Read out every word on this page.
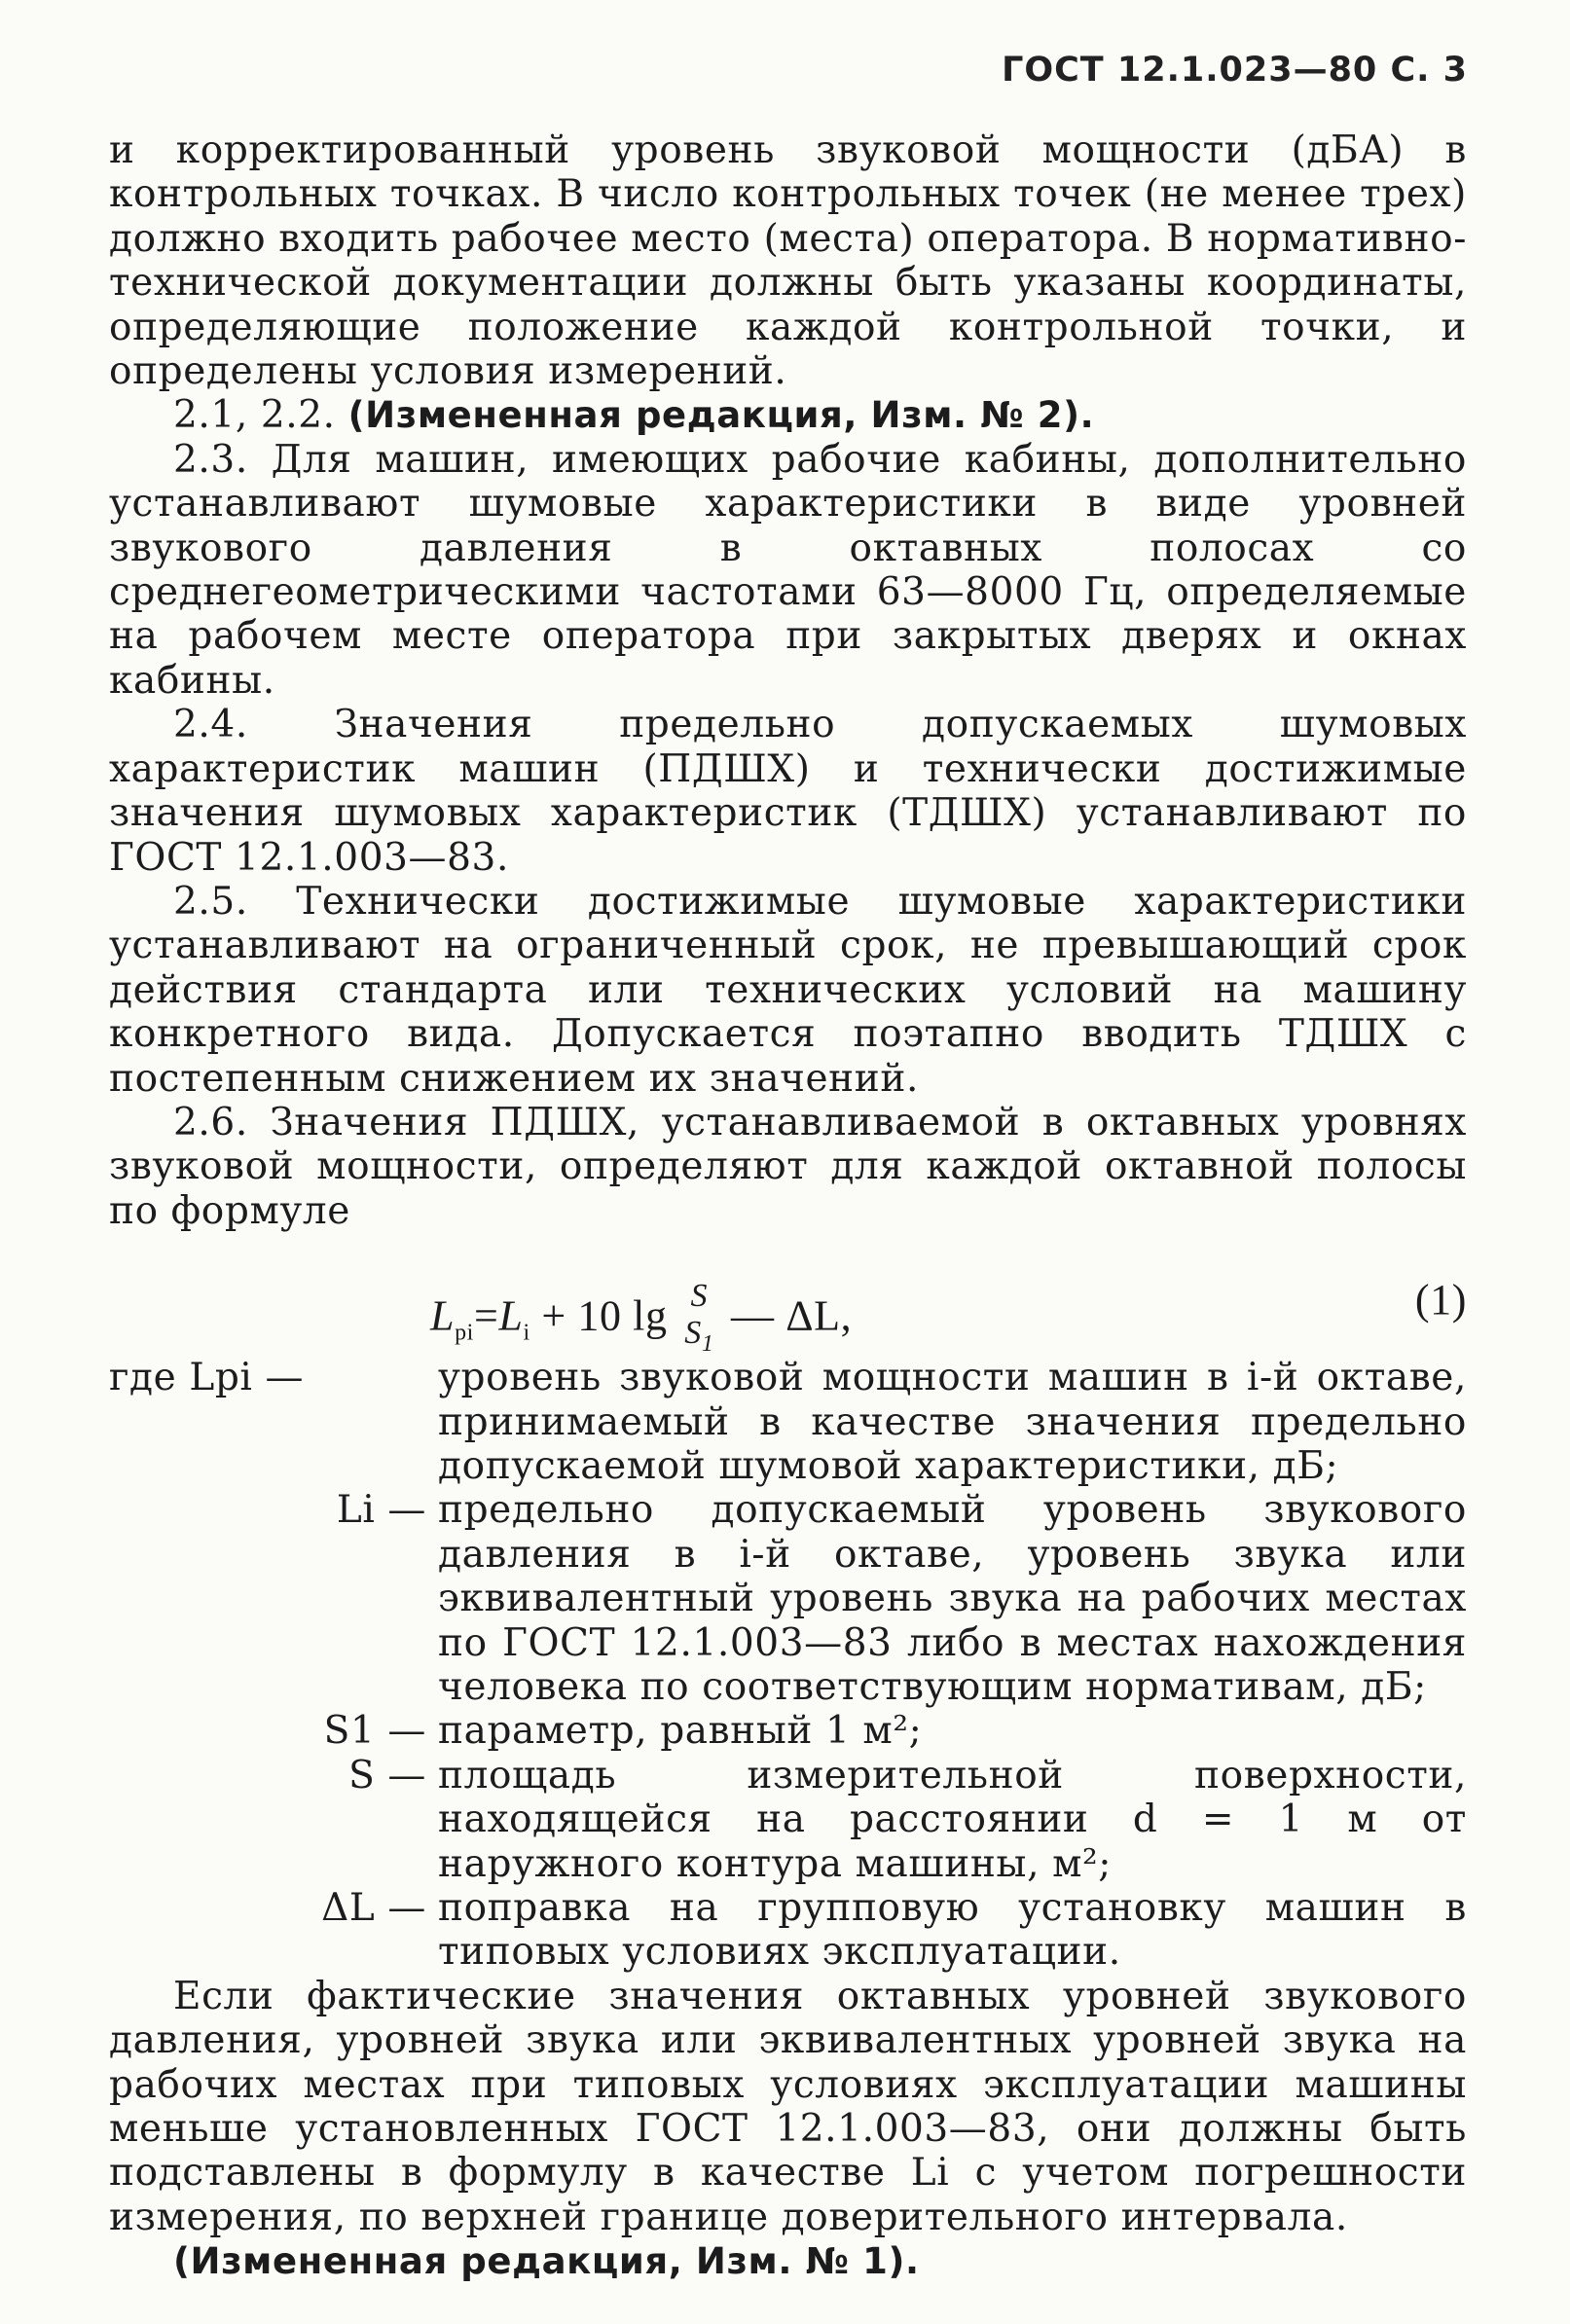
ГОСТ 12.1.023—80 С. 3

и корректированный уровень звуковой мощности (дБА) в контрольных точках. В число контрольных точек (не менее трех) должно входить рабочее место (места) оператора. В нормативно-технической документации должны быть указаны координаты, определяющие положение каждой контрольной точки, и определены условия измерений.

2.1, 2.2. (Измененная редакция, Изм. № 2).

2.3. Для машин, имеющих рабочие кабины, дополнительно устанавливают шумовые характеристики в виде уровней звукового давления в октавных полосах со среднегеометрическими частотами 63—8000 Гц, определяемые на рабочем месте оператора при закрытых дверях и окнах кабины.

2.4. Значения предельно допускаемых шумовых характеристик машин (ПДШХ) и технически достижимые значения шумовых характеристик (ТДШХ) устанавливают по ГОСТ 12.1.003—83.

2.5. Технически достижимые шумовые характеристики устанавливают на ограниченный срок, не превышающий срок действия стандарта или технических условий на машину конкретного вида. Допускается поэтапно вводить ТДШХ с постепенным снижением их значений.

2.6. Значения ПДШХ, устанавливаемой в октавных уровнях звуковой мощности, определяют для каждой октавной полосы по формуле

$L_{pi}=L_i + 10$ lg S
$S_1$
— ΔL,	(1)
где Lpi —	уровень звуковой мощности машин в i-й октаве, принимаемый в качестве значения предельно допускаемой шумовой характеристики, дБ;
Li — предельно допускаемый уровень звукового давления в i-й октаве, уровень звука или эквивалентный уровень звука на рабочих местах по ГОСТ 12.1.003—83 либо в местах нахождения человека по соответствующим нормативам, дБ;
S1 — параметр, равный 1 м²;
S — площадь измерительной поверхности, находящейся на расстоянии d = 1 м от наружного контура машины, м²;
ΔL — поправка на групповую установку машин в типовых условиях эксплуатации.

Если фактические значения октавных уровней звукового давления, уровней звука или эквивалентных уровней звука на рабочих местах при типовых условиях эксплуатации машины меньше установленных ГОСТ 12.1.003—83, они должны быть подставлены в формулу в качестве Li с учетом погрешности измерения, по верхней границе доверительного интервала.

(Измененная редакция, Изм. № 1).
